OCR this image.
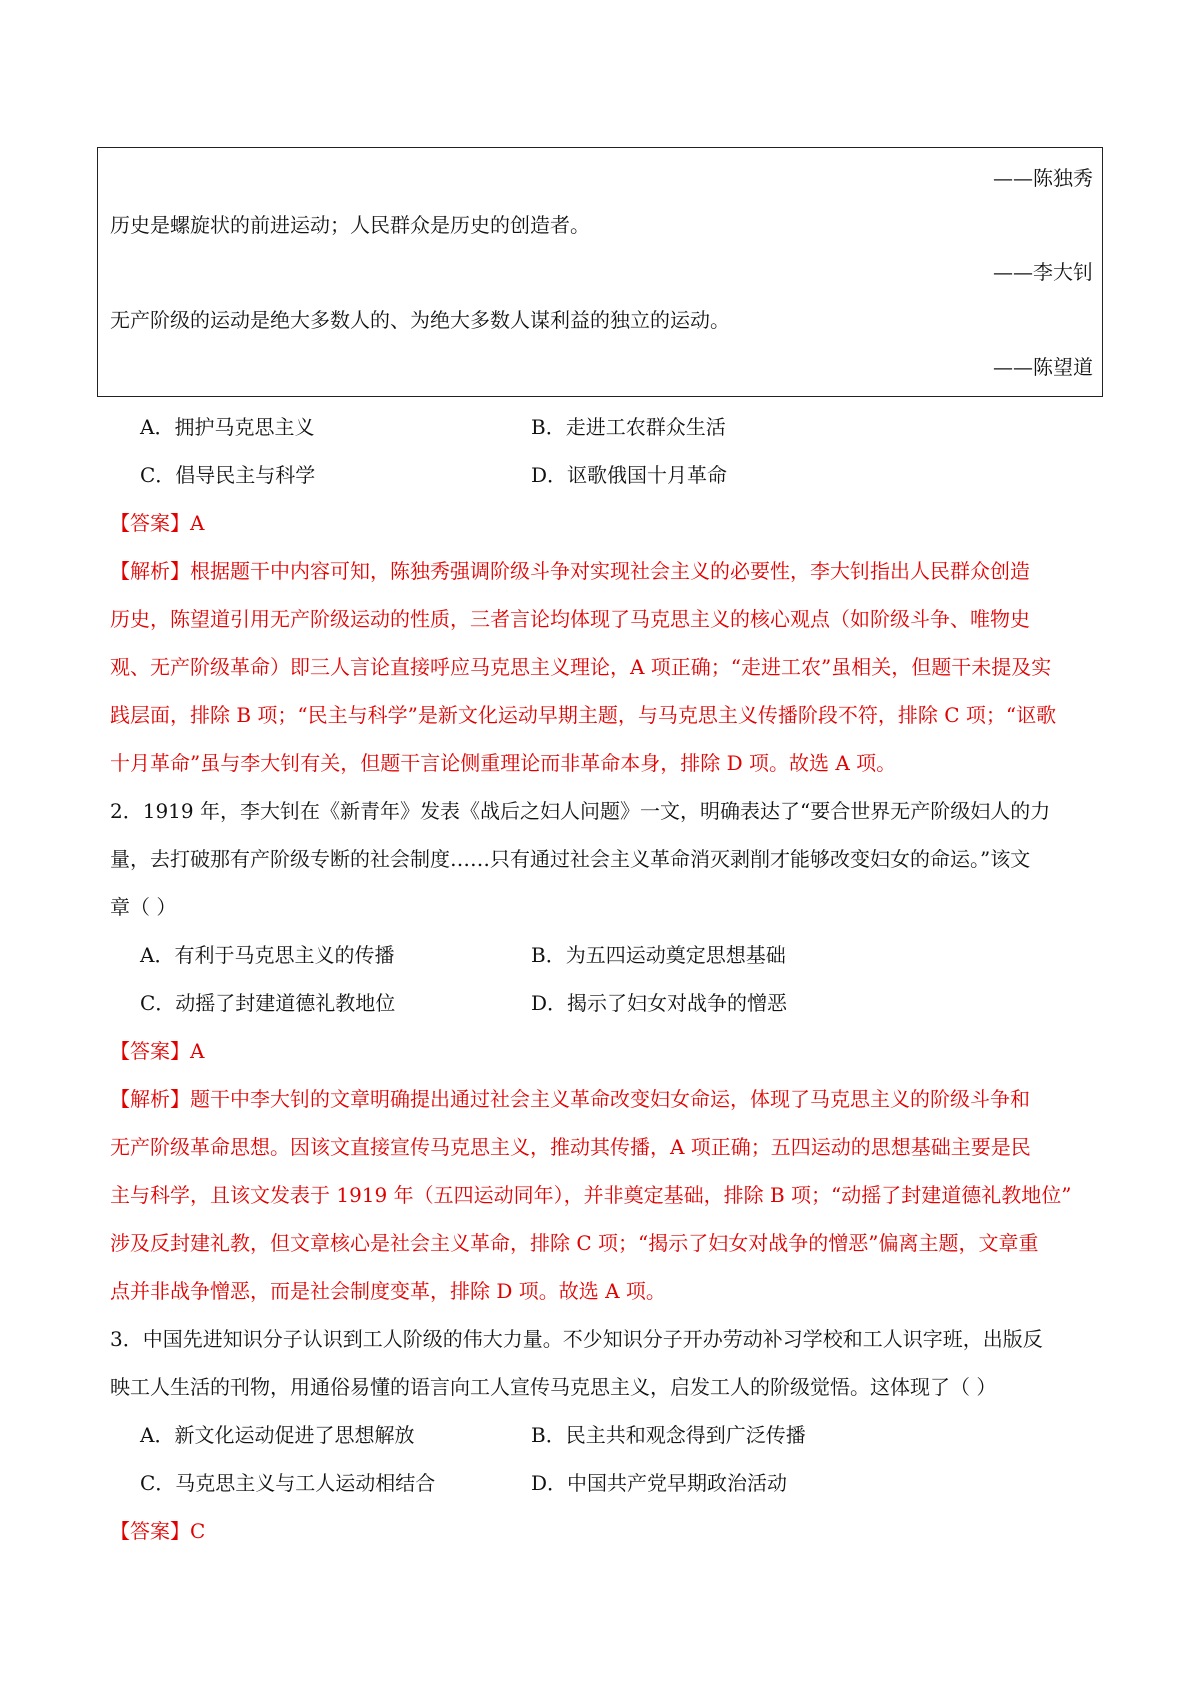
——陈独秀
历史是螺旋状的前进运动；人民群众是历史的创造者。
——李大钊
无产阶级的运动是绝大多数人的、为绝大多数人谋利益的独立的运动。
——陈望道
A．拥护马克思主义	B．走进工农群众生活
C．倡导民主与科学	D．讴歌俄国十月革命
【答案】A
【解析】根据题干中内容可知，陈独秀强调阶级斗争对实现社会主义的必要性，李大钊指出人民群众创造
历史，陈望道引用无产阶级运动的性质，三者言论均体现了马克思主义的核心观点（如阶级斗争、唯物史
观、无产阶级革命）即三人言论直接呼应马克思主义理论，A 项正确；“走进工农”虽相关，但题干未提及实
践层面，排除 B 项；“民主与科学”是新文化运动早期主题，与马克思主义传播阶段不符，排除 C 项；“讴歌
十月革命”虽与李大钊有关，但题干言论侧重理论而非革命本身，排除 D 项。故选 A 项。
2．1919 年，李大钊在《新青年》发表《战后之妇人问题》一文，明确表达了“要合世界无产阶级妇人的力
量，去打破那有产阶级专断的社会制度……只有通过社会主义革命消灭剥削才能够改变妇女的命运。”该文
章（ ）
A．有利于马克思主义的传播	B．为五四运动奠定思想基础
C．动摇了封建道德礼教地位	D．揭示了妇女对战争的憎恶
【答案】A
【解析】题干中李大钊的文章明确提出通过社会主义革命改变妇女命运，体现了马克思主义的阶级斗争和
无产阶级革命思想。因该文直接宣传马克思主义，推动其传播，A 项正确；五四运动的思想基础主要是民
主与科学，且该文发表于 1919 年（五四运动同年），并非奠定基础，排除 B 项；“动摇了封建道德礼教地位”
涉及反封建礼教，但文章核心是社会主义革命，排除 C 项；“揭示了妇女对战争的憎恶”偏离主题，文章重
点并非战争憎恶，而是社会制度变革，排除 D 项。故选 A 项。
3．中国先进知识分子认识到工人阶级的伟大力量。不少知识分子开办劳动补习学校和工人识字班，出版反
映工人生活的刊物，用通俗易懂的语言向工人宣传马克思主义，启发工人的阶级觉悟。这体现了（ ）
A．新文化运动促进了思想解放	B．民主共和观念得到广泛传播
C．马克思主义与工人运动相结合	D．中国共产党早期政治活动
【答案】C
